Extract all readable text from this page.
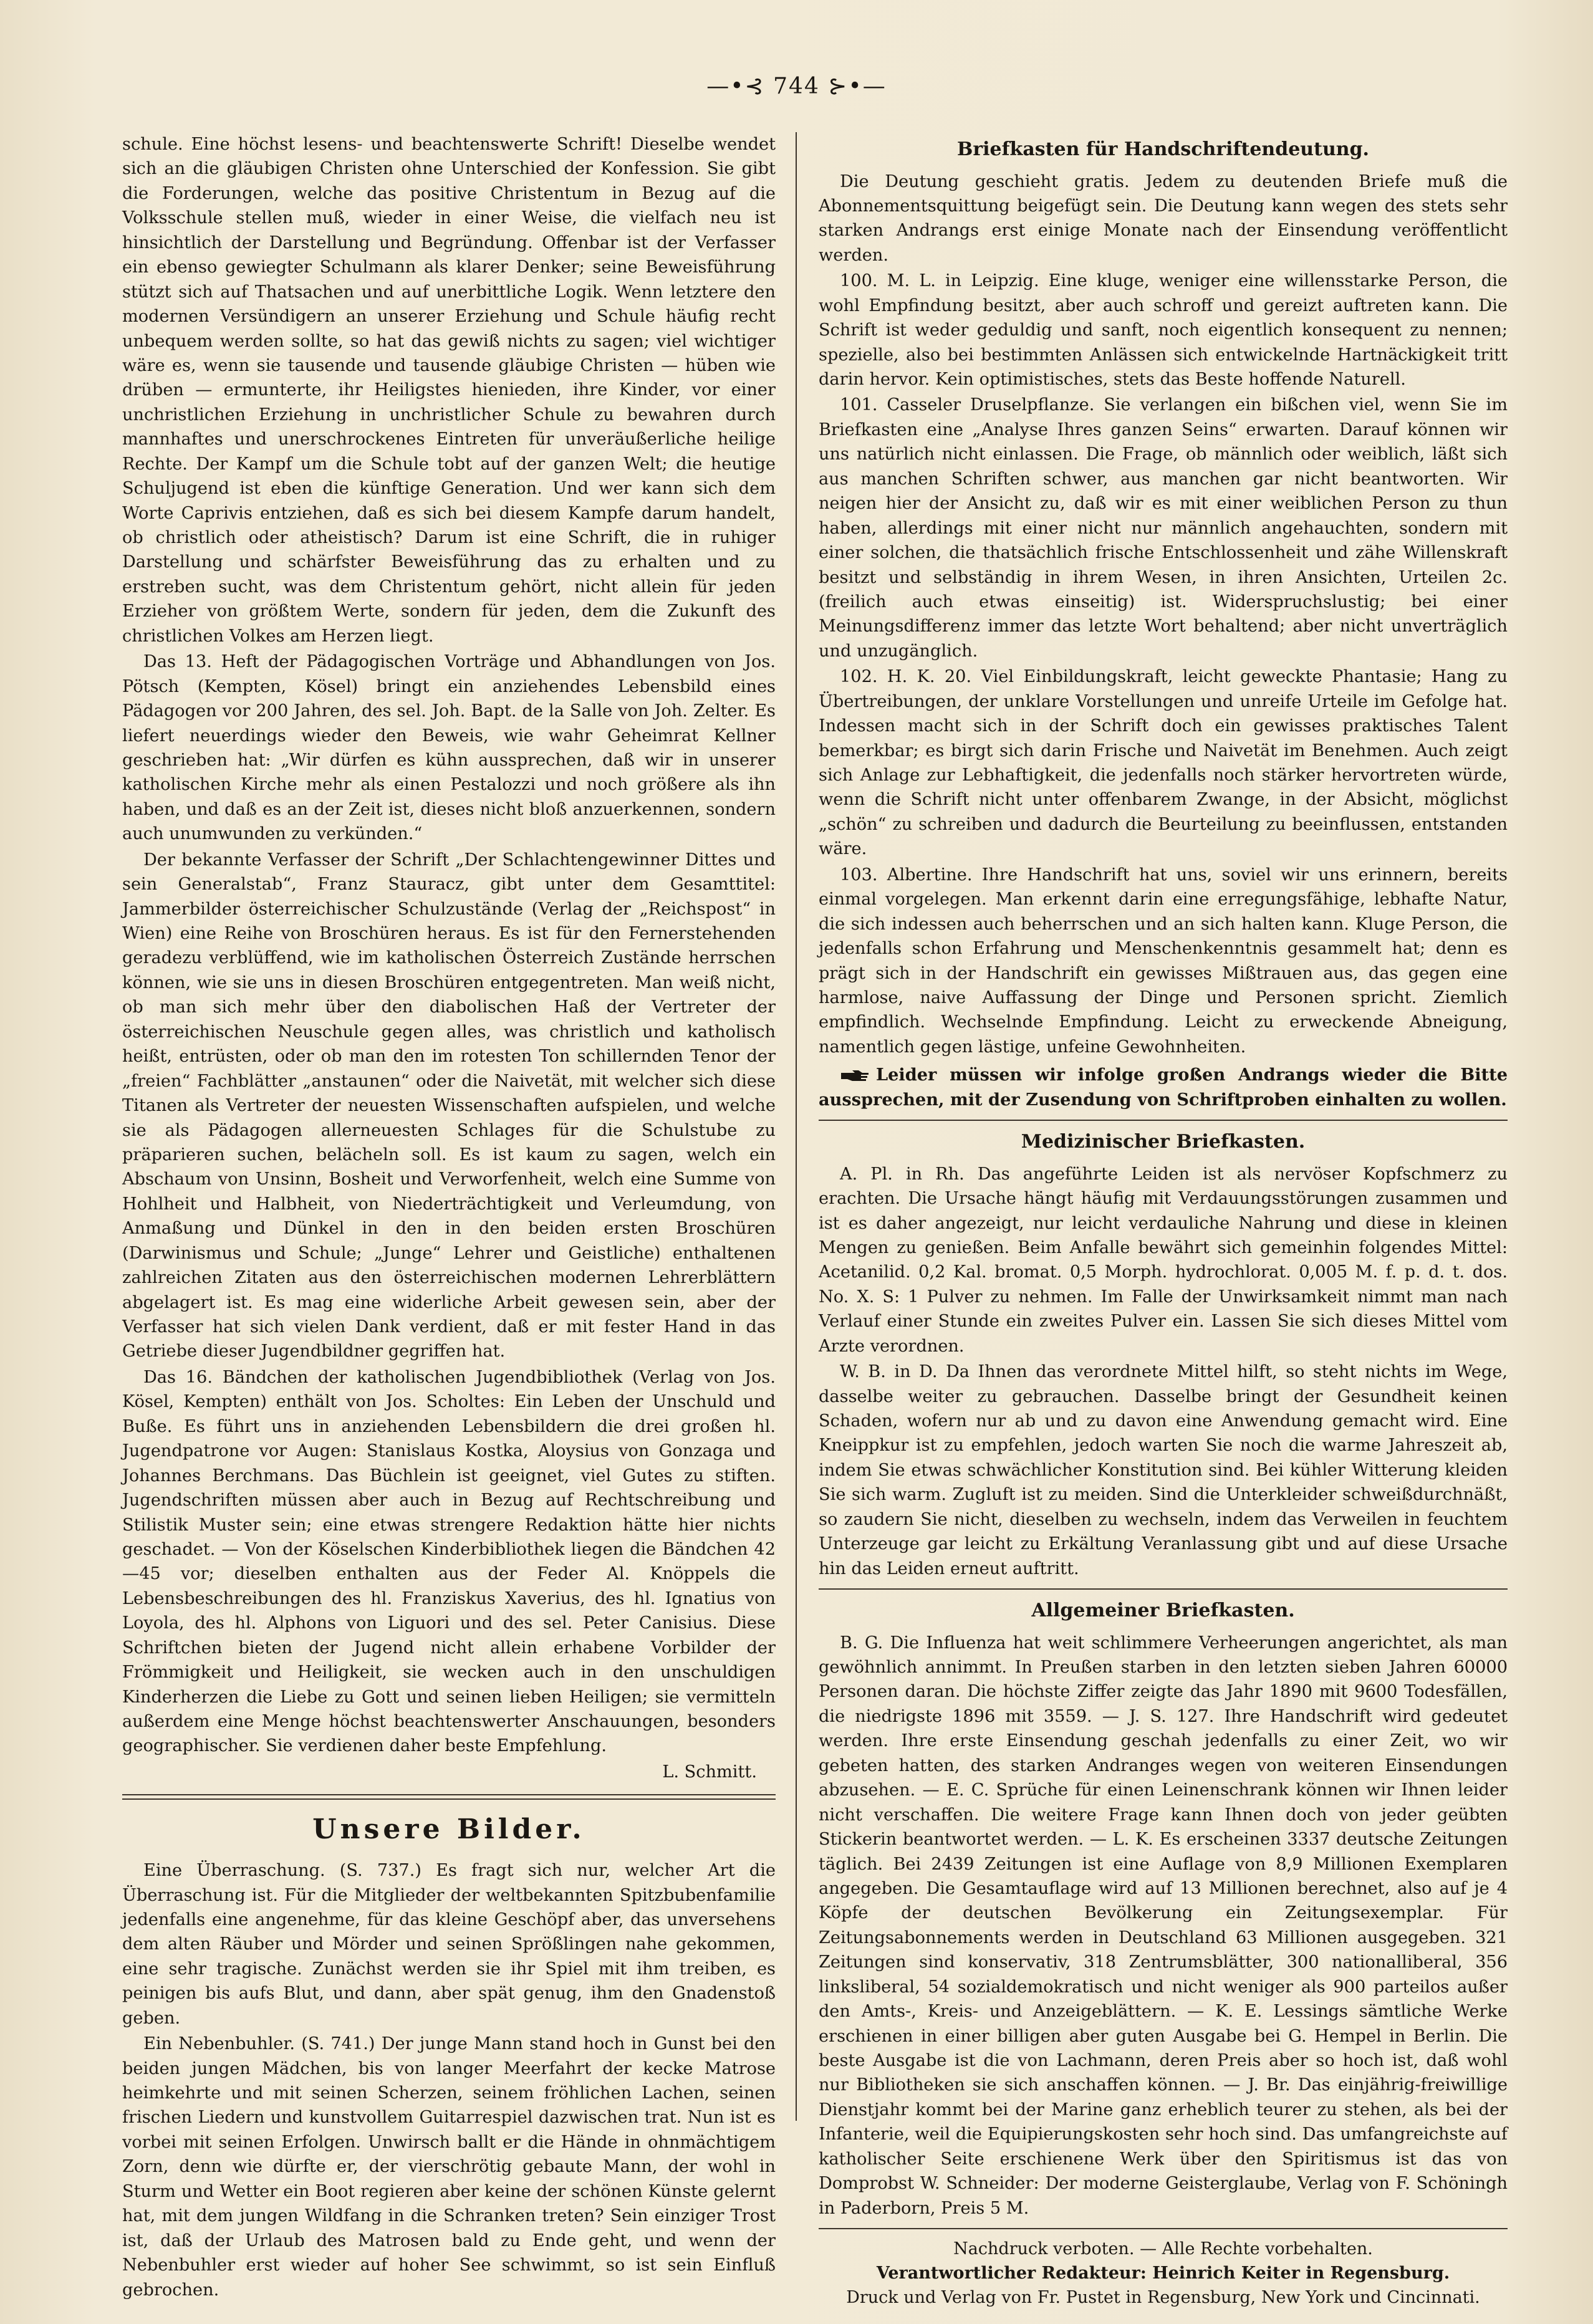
—•⊰ 744 ⊱•—

schule. Eine höchst lesens- und beachtenswerte Schrift! Dieselbe wendet sich an die gläubigen Christen ohne Unterschied der Konfession. Sie gibt die Forderungen, welche das positive Christentum in Bezug auf die Volksschule stellen muß, wieder in einer Weise, die vielfach neu ist hinsichtlich der Darstellung und Begründung. Offenbar ist der Verfasser ein ebenso gewiegter Schulmann als klarer Denker; seine Beweisführung stützt sich auf Thatsachen und auf unerbittliche Logik. Wenn letztere den modernen Versündigern an unserer Erziehung und Schule häufig recht unbequem werden sollte, so hat das gewiß nichts zu sagen; viel wichtiger wäre es, wenn sie tausende und tausende gläubige Christen — hüben wie drüben — ermunterte, ihr Heiligstes hienieden, ihre Kinder, vor einer unchristlichen Erziehung in unchristlicher Schule zu bewahren durch mannhaftes und unerschrockenes Eintreten für unveräußerliche heilige Rechte. Der Kampf um die Schule tobt auf der ganzen Welt; die heutige Schuljugend ist eben die künftige Generation. Und wer kann sich dem Worte Caprivis entziehen, daß es sich bei diesem Kampfe darum handelt, ob christlich oder atheistisch? Darum ist eine Schrift, die in ruhiger Darstellung und schärfster Beweisführung das zu erhalten und zu erstreben sucht, was dem Christentum gehört, nicht allein für jeden Erzieher von größtem Werte, sondern für jeden, dem die Zukunft des christlichen Volkes am Herzen liegt.

Das 13. Heft der Pädagogischen Vorträge und Abhandlungen von Jos. Pötsch (Kempten, Kösel) bringt ein anziehendes Lebensbild eines Pädagogen vor 200 Jahren, des sel. Joh. Bapt. de la Salle von Joh. Zelter. Es liefert neuerdings wieder den Beweis, wie wahr Geheimrat Kellner geschrieben hat: „Wir dürfen es kühn aussprechen, daß wir in unserer katholischen Kirche mehr als einen Pestalozzi und noch größere als ihn haben, und daß es an der Zeit ist, dieses nicht bloß anzuerkennen, sondern auch unumwunden zu verkünden.“

Der bekannte Verfasser der Schrift „Der Schlachtengewinner Dittes und sein Generalstab“, Franz Stauracz, gibt unter dem Gesamttitel: Jammerbilder österreichischer Schulzustände (Verlag der „Reichspost“ in Wien) eine Reihe von Broschüren heraus. Es ist für den Fernerstehenden geradezu verblüffend, wie im katholischen Österreich Zustände herrschen können, wie sie uns in diesen Broschüren entgegentreten. Man weiß nicht, ob man sich mehr über den diabolischen Haß der Vertreter der österreichischen Neuschule gegen alles, was christlich und katholisch heißt, entrüsten, oder ob man den im rotesten Ton schillernden Tenor der „freien“ Fachblätter „anstaunen“ oder die Naivetät, mit welcher sich diese Titanen als Vertreter der neuesten Wissenschaften aufspielen, und welche sie als Pädagogen allerneuesten Schlages für die Schulstube zu präparieren suchen, belächeln soll. Es ist kaum zu sagen, welch ein Abschaum von Unsinn, Bosheit und Verworfenheit, welch eine Summe von Hohlheit und Halbheit, von Niederträchtigkeit und Verleumdung, von Anmaßung und Dünkel in den in den beiden ersten Broschüren (Darwinismus und Schule; „Junge“ Lehrer und Geistliche) enthaltenen zahlreichen Zitaten aus den österreichischen modernen Lehrerblättern abgelagert ist. Es mag eine widerliche Arbeit gewesen sein, aber der Verfasser hat sich vielen Dank verdient, daß er mit fester Hand in das Getriebe dieser Jugendbildner gegriffen hat.

Das 16. Bändchen der katholischen Jugendbibliothek (Verlag von Jos. Kösel, Kempten) enthält von Jos. Scholtes: Ein Leben der Unschuld und Buße. Es führt uns in anziehenden Lebensbildern die drei großen hl. Jugendpatrone vor Augen: Stanislaus Kostka, Aloysius von Gonzaga und Johannes Berchmans. Das Büchlein ist geeignet, viel Gutes zu stiften. Jugendschriften müssen aber auch in Bezug auf Rechtschreibung und Stilistik Muster sein; eine etwas strengere Redaktion hätte hier nichts geschadet. — Von der Köselschen Kinderbibliothek liegen die Bändchen 42—45 vor; dieselben enthalten aus der Feder Al. Knöppels die Lebensbeschreibungen des hl. Franziskus Xaverius, des hl. Ignatius von Loyola, des hl. Alphons von Liguori und des sel. Peter Canisius. Diese Schriftchen bieten der Jugend nicht allein erhabene Vorbilder der Frömmigkeit und Heiligkeit, sie wecken auch in den unschuldigen Kinderherzen die Liebe zu Gott und seinen lieben Heiligen; sie vermitteln außerdem eine Menge höchst beachtenswerter Anschauungen, besonders geographischer. Sie verdienen daher beste Empfehlung.

L. Schmitt.

Unsere Bilder.

Eine Überraschung. (S. 737.) Es fragt sich nur, welcher Art die Überraschung ist. Für die Mitglieder der weltbekannten Spitzbubenfamilie jedenfalls eine angenehme, für das kleine Geschöpf aber, das unversehens dem alten Räuber und Mörder und seinen Sprößlingen nahe gekommen, eine sehr tragische. Zunächst werden sie ihr Spiel mit ihm treiben, es peinigen bis aufs Blut, und dann, aber spät genug, ihm den Gnadenstoß geben.

Ein Nebenbuhler. (S. 741.) Der junge Mann stand hoch in Gunst bei den beiden jungen Mädchen, bis von langer Meerfahrt der kecke Matrose heimkehrte und mit seinen Scherzen, seinem fröhlichen Lachen, seinen frischen Liedern und kunstvollem Guitarrespiel dazwischen trat. Nun ist es vorbei mit seinen Erfolgen. Unwirsch ballt er die Hände in ohnmächtigem Zorn, denn wie dürfte er, der vierschrötig gebaute Mann, der wohl in Sturm und Wetter ein Boot regieren aber keine der schönen Künste gelernt hat, mit dem jungen Wildfang in die Schranken treten? Sein einziger Trost ist, daß der Urlaub des Matrosen bald zu Ende geht, und wenn der Nebenbuhler erst wieder auf hoher See schwimmt, so ist sein Einfluß gebrochen.

Briefkasten für Handschriftendeutung.

Die Deutung geschieht gratis. Jedem zu deutenden Briefe muß die Abonnementsquittung beigefügt sein. Die Deutung kann wegen des stets sehr starken Andrangs erst einige Monate nach der Einsendung veröffentlicht werden.

100. M. L. in Leipzig. Eine kluge, weniger eine willensstarke Person, die wohl Empfindung besitzt, aber auch schroff und gereizt auftreten kann. Die Schrift ist weder geduldig und sanft, noch eigentlich konsequent zu nennen; spezielle, also bei bestimmten Anlässen sich entwickelnde Hartnäckigkeit tritt darin hervor. Kein optimistisches, stets das Beste hoffende Naturell.

101. Casseler Druselpflanze. Sie verlangen ein bißchen viel, wenn Sie im Briefkasten eine „Analyse Ihres ganzen Seins“ erwarten. Darauf können wir uns natürlich nicht einlassen. Die Frage, ob männlich oder weiblich, läßt sich aus manchen Schriften schwer, aus manchen gar nicht beantworten. Wir neigen hier der Ansicht zu, daß wir es mit einer weiblichen Person zu thun haben, allerdings mit einer nicht nur männlich angehauchten, sondern mit einer solchen, die thatsächlich frische Entschlossenheit und zähe Willenskraft besitzt und selbständig in ihrem Wesen, in ihren Ansichten, Urteilen 2c. (freilich auch etwas einseitig) ist. Widerspruchslustig; bei einer Meinungsdifferenz immer das letzte Wort behaltend; aber nicht unverträglich und unzugänglich.

102. H. K. 20. Viel Einbildungskraft, leicht geweckte Phantasie; Hang zu Übertreibungen, der unklare Vorstellungen und unreife Urteile im Gefolge hat. Indessen macht sich in der Schrift doch ein gewisses praktisches Talent bemerkbar; es birgt sich darin Frische und Naivetät im Benehmen. Auch zeigt sich Anlage zur Lebhaftigkeit, die jedenfalls noch stärker hervortreten würde, wenn die Schrift nicht unter offenbarem Zwange, in der Absicht, möglichst „schön“ zu schreiben und dadurch die Beurteilung zu beeinflussen, entstanden wäre.

103. Albertine. Ihre Handschrift hat uns, soviel wir uns erinnern, bereits einmal vorgelegen. Man erkennt darin eine erregungsfähige, lebhafte Natur, die sich indessen auch beherrschen und an sich halten kann. Kluge Person, die jedenfalls schon Erfahrung und Menschenkenntnis gesammelt hat; denn es prägt sich in der Handschrift ein gewisses Mißtrauen aus, das gegen eine harmlose, naive Auffassung der Dinge und Personen spricht. Ziemlich empfindlich. Wechselnde Empfindung. Leicht zu erweckende Abneigung, namentlich gegen lästige, unfeine Gewohnheiten.

Leider müssen wir infolge großen Andrangs wieder die Bitte aussprechen, mit der Zusendung von Schriftproben einhalten zu wollen.

Medizinischer Briefkasten.

A. Pl. in Rh. Das angeführte Leiden ist als nervöser Kopfschmerz zu erachten. Die Ursache hängt häufig mit Verdauungsstörungen zusammen und ist es daher angezeigt, nur leicht verdauliche Nahrung und diese in kleinen Mengen zu genießen. Beim Anfalle bewährt sich gemeinhin folgendes Mittel: Acetanilid. 0,2 Kal. bromat. 0,5 Morph. hydrochlorat. 0,005 M. f. p. d. t. dos. No. X. S: 1 Pulver zu nehmen. Im Falle der Unwirksamkeit nimmt man nach Verlauf einer Stunde ein zweites Pulver ein. Lassen Sie sich dieses Mittel vom Arzte verordnen.

W. B. in D. Da Ihnen das verordnete Mittel hilft, so steht nichts im Wege, dasselbe weiter zu gebrauchen. Dasselbe bringt der Gesundheit keinen Schaden, wofern nur ab und zu davon eine Anwendung gemacht wird. Eine Kneippkur ist zu empfehlen, jedoch warten Sie noch die warme Jahreszeit ab, indem Sie etwas schwächlicher Konstitution sind. Bei kühler Witterung kleiden Sie sich warm. Zugluft ist zu meiden. Sind die Unterkleider schweißdurchnäßt, so zaudern Sie nicht, dieselben zu wechseln, indem das Verweilen in feuchtem Unterzeuge gar leicht zu Erkältung Veranlassung gibt und auf diese Ursache hin das Leiden erneut auftritt.

Allgemeiner Briefkasten.

B. G. Die Influenza hat weit schlimmere Verheerungen angerichtet, als man gewöhnlich annimmt. In Preußen starben in den letzten sieben Jahren 60000 Personen daran. Die höchste Ziffer zeigte das Jahr 1890 mit 9600 Todesfällen, die niedrigste 1896 mit 3559. — J. S. 127. Ihre Handschrift wird gedeutet werden. Ihre erste Einsendung geschah jedenfalls zu einer Zeit, wo wir gebeten hatten, des starken Andranges wegen von weiteren Einsendungen abzusehen. — E. C. Sprüche für einen Leinenschrank können wir Ihnen leider nicht verschaffen. Die weitere Frage kann Ihnen doch von jeder geübten Stickerin beantwortet werden. — L. K. Es erscheinen 3337 deutsche Zeitungen täglich. Bei 2439 Zeitungen ist eine Auflage von 8,9 Millionen Exemplaren angegeben. Die Gesamtauflage wird auf 13 Millionen berechnet, also auf je 4 Köpfe der deutschen Bevölkerung ein Zeitungsexemplar. Für Zeitungsabonnements werden in Deutschland 63 Millionen ausgegeben. 321 Zeitungen sind konservativ, 318 Zentrumsblätter, 300 nationalliberal, 356 linksliberal, 54 sozialdemokratisch und nicht weniger als 900 parteilos außer den Amts-, Kreis- und Anzeigeblättern. — K. E. Lessings sämtliche Werke erschienen in einer billigen aber guten Ausgabe bei G. Hempel in Berlin. Die beste Ausgabe ist die von Lachmann, deren Preis aber so hoch ist, daß wohl nur Bibliotheken sie sich anschaffen können. — J. Br. Das einjährig-freiwillige Dienstjahr kommt bei der Marine ganz erheblich teurer zu stehen, als bei der Infanterie, weil die Equipierungskosten sehr hoch sind. Das umfangreichste auf katholischer Seite erschienene Werk über den Spiritismus ist das von Domprobst W. Schneider: Der moderne Geisterglaube, Verlag von F. Schöningh in Paderborn, Preis 5 M.

Nachdruck verboten. — Alle Rechte vorbehalten.
Verantwortlicher Redakteur: Heinrich Keiter in Regensburg.
Druck und Verlag von Fr. Pustet in Regensburg, New York und Cincinnati.
